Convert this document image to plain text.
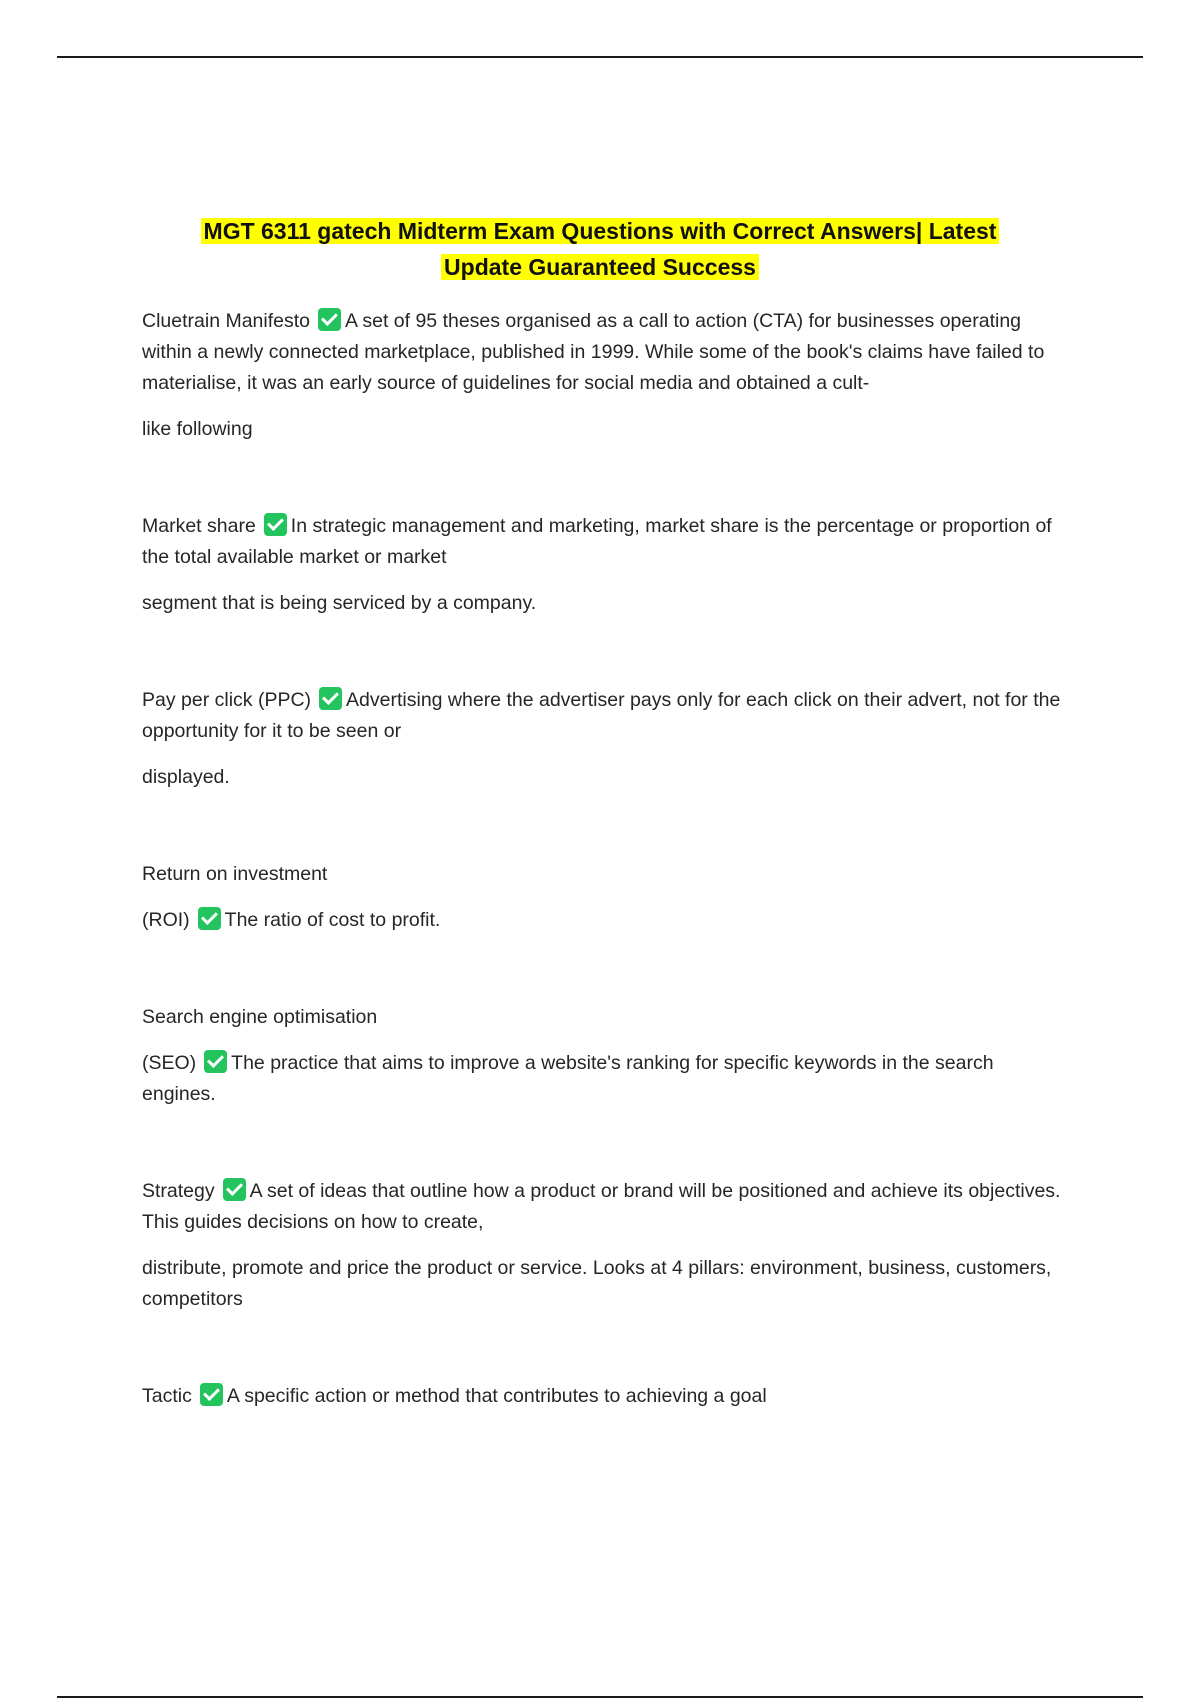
MGT 6311 gatech Midterm Exam Questions with Correct Answers| Latest
Update Guaranteed Success

Cluetrain Manifesto A set of 95 theses organised as a call to action (CTA) for businesses operating within a newly connected marketplace, published in 1999. While some of the book's claims have failed to materialise, it was an early source of guidelines for social media and obtained a cult-

like following

Market share In strategic management and marketing, market share is the percentage or proportion of the total available market or market

segment that is being serviced by a company.

Pay per click (PPC) Advertising where the advertiser pays only for each click on their advert, not for the opportunity for it to be seen or

displayed.

Return on investment

(ROI) The ratio of cost to profit.

Search engine optimisation

(SEO) The practice that aims to improve a website's ranking for specific keywords in the search engines.

Strategy A set of ideas that outline how a product or brand will be positioned and achieve its objectives. This guides decisions on how to create,

distribute, promote and price the product or service. Looks at 4 pillars: environment, business, customers, competitors

Tactic A specific action or method that contributes to achieving a goal
